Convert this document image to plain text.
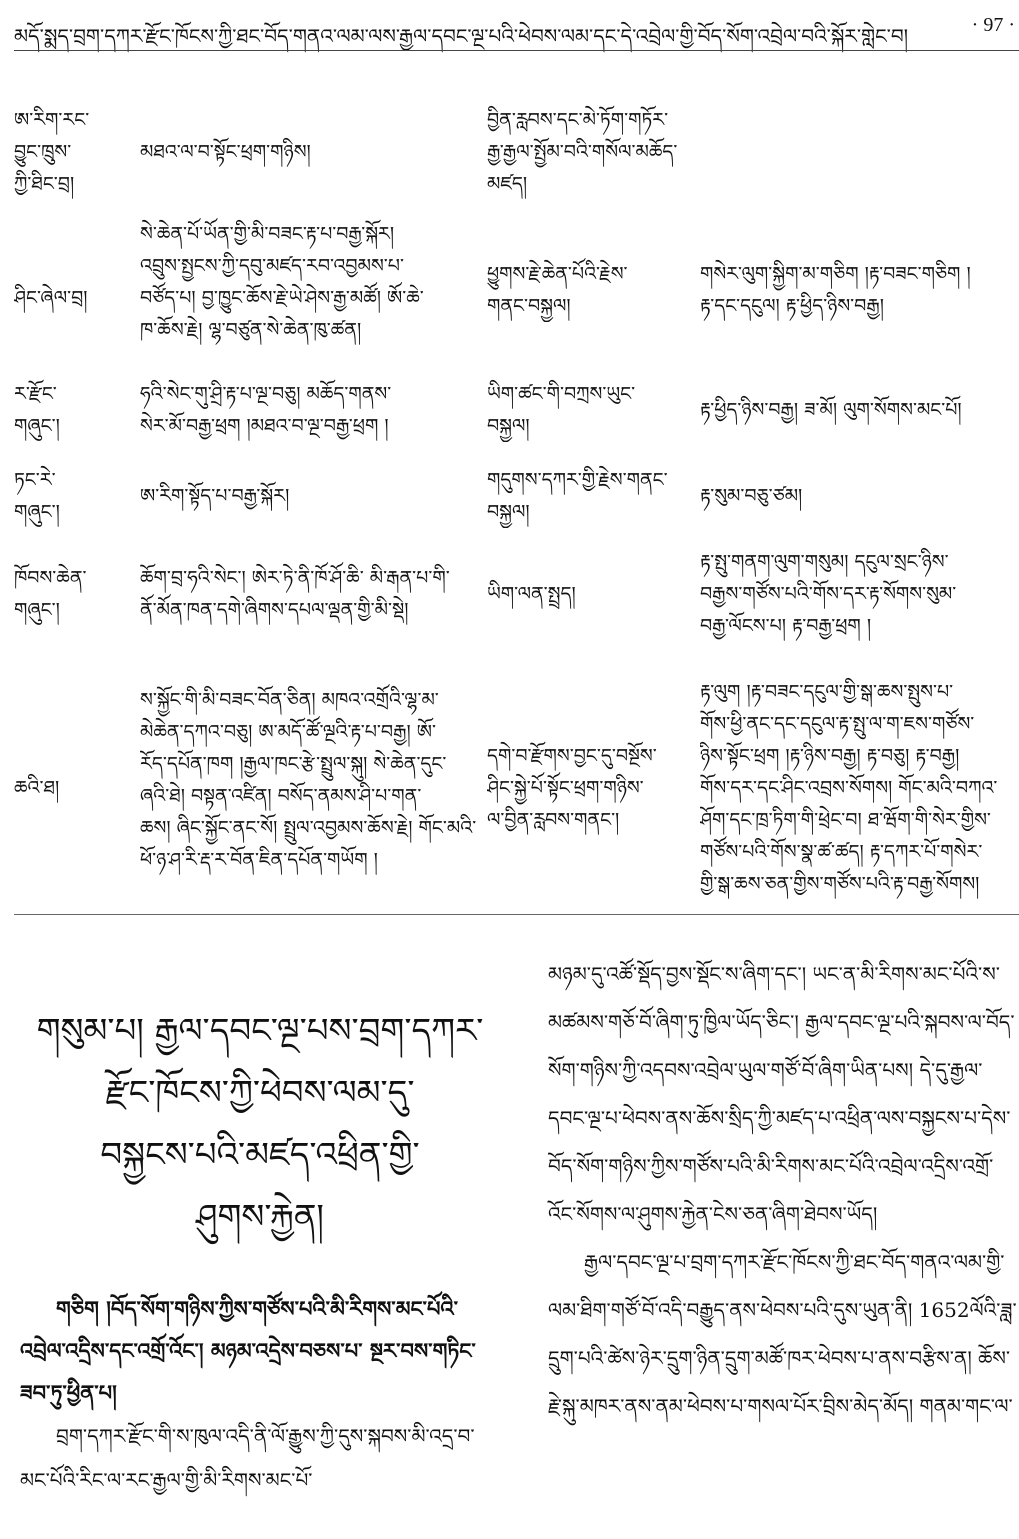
མདོ་སྨད་བྲག་དཀར་རྫོང་ཁོངས་ཀྱི་ཐང་བོད་གནའ་ལམ་ལས་རྒྱལ་དབང་ལྔ་པའི་ཕེབས་ལམ་དང་དེ་འབྲེལ་གྱི་བོད་སོག་འབྲེལ་བའི་སྐོར་གླེང་བ།	· 97 ·

ཨ་རིག་རང་

བྱུང་ཁྲུས་

ཀྱི་ཐིང་བྲ།

མཐའ་ལ་བ་སྟོང་ཕྲག་གཉིས།

བྱིན་རླབས་དང་མེ་ཏོག་གཏོར་

རྒྱ་རྒྱལ་སྤྱོམ་བའི་གསོལ་མཆོད་

མཛད།

ཤིང་ཞེལ་བྲ།

སེ་ཆེན་པོ་ཡོན་གྱི་མི་བཟང་རྟ་པ་བརྒྱ་སྐོར།

འབྲུས་སྤྱངས་ཀྱི་དབུ་མཛད་རབ་འབྱམས་པ་

བཙོད་པ། བྱ་ཁྱུང་ཆོས་རྗེ་ཡེ་ཤེས་རྒྱ་མཚོ། ཨོ་ཆེ་

ཁ་ཆོས་རྗེ། ལྷ་བཙུན་སེ་ཆེན་ཁུ་ཚན།

ཕྱུགས་རྗེ་ཆེན་པོའི་རྗེས་

གནང་བསྐྱལ།

གསེར་ལུག་སྐྱིག་མ་གཅིག །རྟ་བཟང་གཅིག །

རྟ་དང་དངུལ། རྟ་ཕྱིད་ཉིས་བརྒྱ།

ར་རྫོང་

གཞུང་།

ཧའི་སེང་གུ་ཤྲི་རྟ་པ་ལྔ་བཅུ། མཆོད་གནས་

སེར་མོ་བརྒྱ་ཕྲག །མཐའ་བ་ལྔ་བརྒྱ་ཕྲག །

ཡིག་ཚང་གི་བཀྲས་ཡུང་

བསྐྱལ།

རྟ་ཕྱིད་ཉིས་བརྒྱ། ཟ་མོ། ལུག་སོགས་མང་པོ།

ཏང་རེ་

གཞུང་།

ཨ་རིག་སྟོད་པ་བརྒྱ་སྐོར།

གདུགས་དཀར་གྱི་རྗེས་གནང་

བསྐྱལ།

རྟ་སུམ་བཅུ་ཙམ།

ཁོབས་ཆེན་

གཞུང་།

ཆོག་བྲ་ཧའི་སེང་། ཨེར་ཏེ་ནི་ཁོ་ཤོ་ཆི་ མི་རྒན་པ་གི་

ནོ་མོན་ཁན་དགེ་ཞིགས་དཔལ་ལྡན་གྱི་མི་སྡེ།

ཡིག་ལན་སྤྲད།

རྟ་སྤུ་གནག་ལུག་གསུམ། དངུལ་སྲང་ཉིས་

བརྒྱས་གཙོས་པའི་གོས་དར་རྟ་སོགས་སུམ་

བརྒྱ་ལོངས་པ། རྟ་བརྒྱ་ཕྲག །

ཆའི་ཐ།

ས་སྐྱོང་གི་མི་བཟང་བོན་ཅིན། མཁའ་འགྲོའི་ལྷ་མ་

མེཆེན་དཀའ་བཅུ། ཨ་མདོ་ཚོ་ལྔའི་རྟ་པ་བརྒྱ། ཨོ་

རོད་དཔོན་ཁག །རྒྱལ་ཁང་རྩེ་སྤྲུལ་སྐུ། སེ་ཆེན་དུང་

ཞའི་ཐེ། བསྟན་འཛིན། བསོད་ནམས་ཤི་པ་གན་

ཆས། ཞིང་སྐྱོང་ནང་སོ། སྤྲུལ་འབྱམས་ཆོས་རྗེ། གོང་མའི་

ཕོ་ཉ་ཤ་རི་རྡ་ར་བོན་ཇིན་དཔོན་གཡོག །

དགེ་བ་རྫོགས་བྱང་དུ་བསྔོས་

ཤིང་སྐྱེ་པོ་སྟོང་ཕྲག་གཉིས་

ལ་བྱིན་རླབས་གནང་།

རྟ་ལུག །རྟ་བཟང་དངུལ་གྱི་སྒ་ཆས་སྤུས་པ་

གོས་ཕྱི་ནང་དང་དངུལ་རྟ་སྤུ་ལ་ག་ཇས་གཙོས་

ཉིས་སྟོང་ཕྲག །རྟ་ཉིས་བརྒྱ། རྟ་བཅུ། རྟ་བརྒྱ།

གོས་དར་དང་ཤིང་འབྲས་སོགས། གོང་མའི་བཀའ་

ཤོག་དང་ཁྲ་ཏིག་གི་ཕྲེང་བ། ཐ་ཝོག་གི་སེར་གྱིས་

གཙོས་པའི་གོས་སྣ་ཚ་ཚད། རྟ་དཀར་པོ་གསེར་

གྱི་སྒ་ཆས་ཅན་གྱིས་གཙོས་པའི་རྟ་བརྒྱ་སོགས།

གསུམ་པ། རྒྱལ་དབང་ལྔ་པས་བྲག་དཀར་

རྫོང་ཁོངས་ཀྱི་ཕེབས་ལམ་དུ་

བསྐྱངས་པའི་མཛད་འཕྲིན་གྱི་

ཤུགས་རྐྱེན།

གཅིག །བོད་སོག་གཉིས་ཀྱིས་གཙོས་པའི་མི་རིགས་མང་པོའི་འབྲེལ་འདྲིས་དང་འགྲོ་འོང་། མཉམ་འདྲེས་བཅས་པ་ སྔར་བས་གཏིང་ཟབ་ཏུ་ཕྱིན་པ།

བྲག་དཀར་རྫོང་གི་ས་ཁུལ་འདི་ནི་ལོ་རྒྱུས་ཀྱི་དུས་སྐབས་མི་འདྲ་བ་མང་པོའི་རིང་ལ་རང་རྒྱལ་གྱི་མི་རིགས་མང་པོ་

མཉམ་དུ་འཚོ་སྡོད་བྱས་སྡོང་ས་ཞིག་དང་། ཡང་ན་མི་རིགས་མང་པོའི་ས་མཚམས་གཅོ་བོ་ཞིག་ཏུ་ཁྱིལ་ཡོད་ཅིང་། རྒྱལ་དབང་ལྔ་པའི་སྐབས་ལ་བོད་སོག་གཉིས་ཀྱི་འདབས་འབྲེལ་ཡུལ་གཙོ་བོ་ཞིག་ཡིན་པས། དེ་དུ་རྒྱལ་དབང་ལྔ་པ་ཕེབས་ནས་ཆོས་སྲིད་ཀྱི་མཛད་པ་འཕྲིན་ལས་བསྐྱངས་པ་དེས་བོད་སོག་གཉིས་ཀྱིས་གཙོས་པའི་མི་རིགས་མང་པོའི་འབྲེལ་འདྲིས་འགྲོ་འོང་སོགས་ལ་ཤུགས་རྐྱེན་ངེས་ཅན་ཞིག་ཐེབས་ཡོད།

རྒྱལ་དབང་ལྔ་པ་བྲག་དཀར་རྫོང་ཁོངས་ཀྱི་ཐང་བོད་གནའ་ལམ་གྱི་ལམ་ཐིག་གཙོ་བོ་འདི་བརྒྱུད་ནས་ཕེབས་པའི་དུས་ཡུན་ནི། 1652ལོའི་ཟླ་དྲུག་པའི་ཚེས་ཉེར་དྲུག་ཉིན་དྲུག་མཚོ་ཁར་ཕེབས་པ་ནས་བརྩིས་ན། ཆོས་རྗེ་སྐུ་མཁར་ནས་ནམ་ཕེབས་པ་གསལ་པོར་བྲིས་མེད་མོད། གནམ་གང་ལ་
